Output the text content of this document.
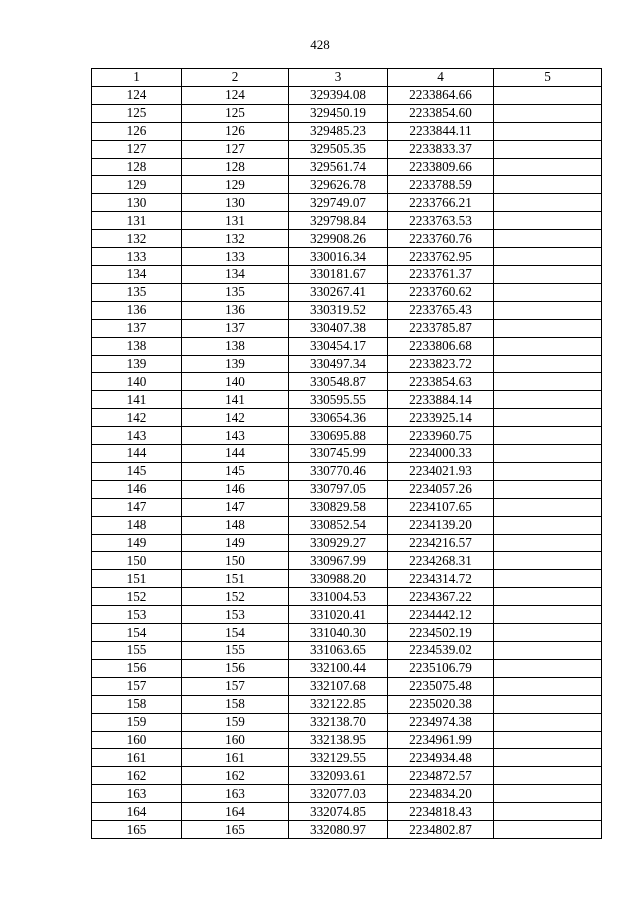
428
1	2	3	4	5
124	124	329394.08	2233864.66	
125	125	329450.19	2233854.60	
126	126	329485.23	2233844.11	
127	127	329505.35	2233833.37	
128	128	329561.74	2233809.66	
129	129	329626.78	2233788.59	
130	130	329749.07	2233766.21	
131	131	329798.84	2233763.53	
132	132	329908.26	2233760.76	
133	133	330016.34	2233762.95	
134	134	330181.67	2233761.37	
135	135	330267.41	2233760.62	
136	136	330319.52	2233765.43	
137	137	330407.38	2233785.87	
138	138	330454.17	2233806.68	
139	139	330497.34	2233823.72	
140	140	330548.87	2233854.63	
141	141	330595.55	2233884.14	
142	142	330654.36	2233925.14	
143	143	330695.88	2233960.75	
144	144	330745.99	2234000.33	
145	145	330770.46	2234021.93	
146	146	330797.05	2234057.26	
147	147	330829.58	2234107.65	
148	148	330852.54	2234139.20	
149	149	330929.27	2234216.57	
150	150	330967.99	2234268.31	
151	151	330988.20	2234314.72	
152	152	331004.53	2234367.22	
153	153	331020.41	2234442.12	
154	154	331040.30	2234502.19	
155	155	331063.65	2234539.02	
156	156	332100.44	2235106.79	
157	157	332107.68	2235075.48	
158	158	332122.85	2235020.38	
159	159	332138.70	2234974.38	
160	160	332138.95	2234961.99	
161	161	332129.55	2234934.48	
162	162	332093.61	2234872.57	
163	163	332077.03	2234834.20	
164	164	332074.85	2234818.43	
165	165	332080.97	2234802.87	
